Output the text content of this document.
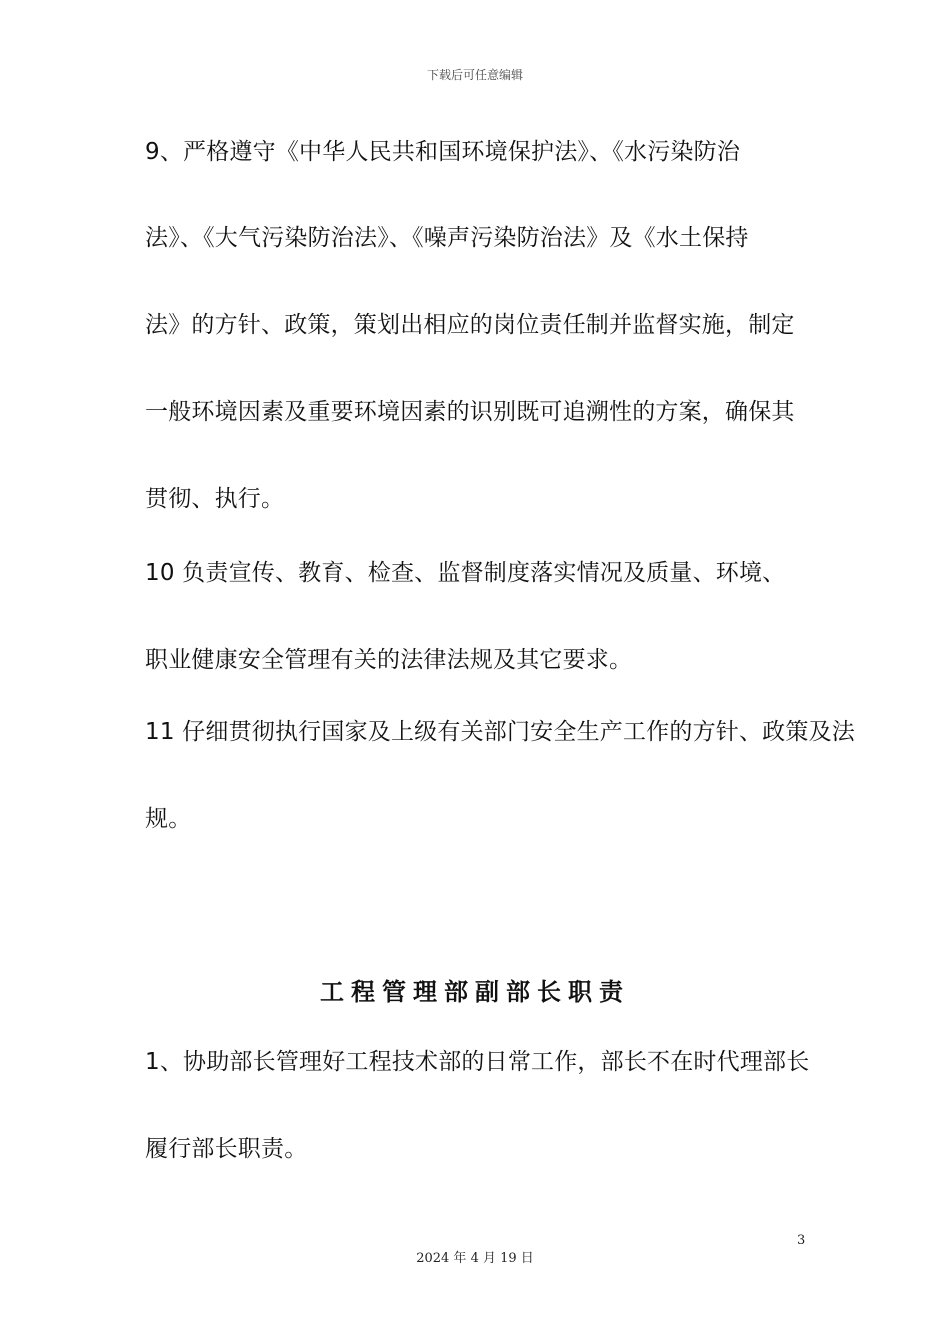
下载后可任意编辑
9、严格遵守《中华人民共和国环境保护法》、《水污染防治
法》、《大气污染防治法》、《噪声污染防治法》及《水土保持
法》的方针、政策，策划出相应的岗位责任制并监督实施，制定
一般环境因素及重要环境因素的识别既可追溯性的方案，确保其
贯彻、执行。
10 负责宣传、教育、检查、监督制度落实情况及质量、环境、
职业健康安全管理有关的法律法规及其它要求。
11 仔细贯彻执行国家及上级有关部门安全生产工作的方针、政策及法
规。
工程管理部副部长职责
1、协助部长管理好工程技术部的日常工作，部长不在时代理部长
履行部长职责。
3
2024 年 4 月 19 日
